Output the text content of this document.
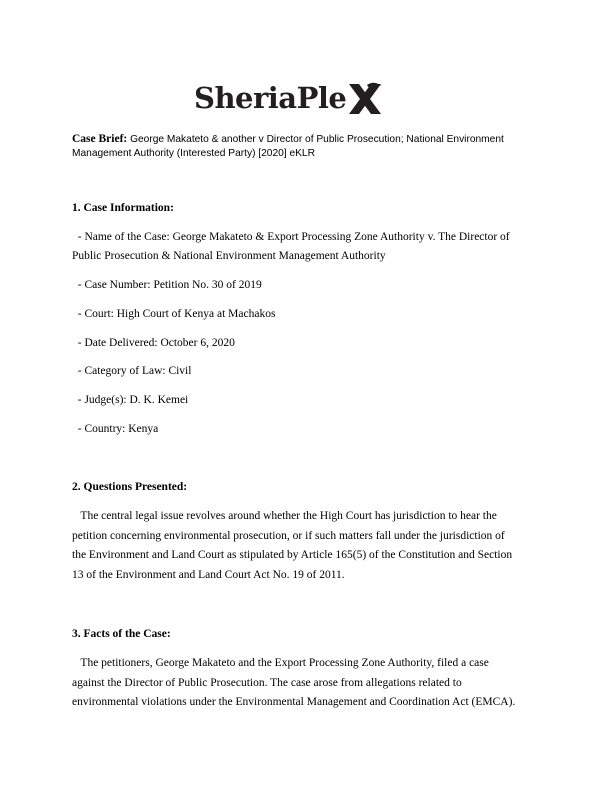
SheriaPle
Case Brief: George Makateto & another v Director of Public Prosecution; National Environment
Management Authority (Interested Party) [2020] eKLR
1. Case Information:
- Name of the Case: George Makateto & Export Processing Zone Authority v. The Director of
Public Prosecution & National Environment Management Authority
- Case Number: Petition No. 30 of 2019
- Court: High Court of Kenya at Machakos
- Date Delivered: October 6, 2020
- Category of Law: Civil
- Judge(s): D. K. Kemei
- Country: Kenya
2. Questions Presented:
The central legal issue revolves around whether the High Court has jurisdiction to hear the
petition concerning environmental prosecution, or if such matters fall under the jurisdiction of
the Environment and Land Court as stipulated by Article 165(5) of the Constitution and Section
13 of the Environment and Land Court Act No. 19 of 2011.
3. Facts of the Case:
The petitioners, George Makateto and the Export Processing Zone Authority, filed a case
against the Director of Public Prosecution. The case arose from allegations related to
environmental violations under the Environmental Management and Coordination Act (EMCA).
